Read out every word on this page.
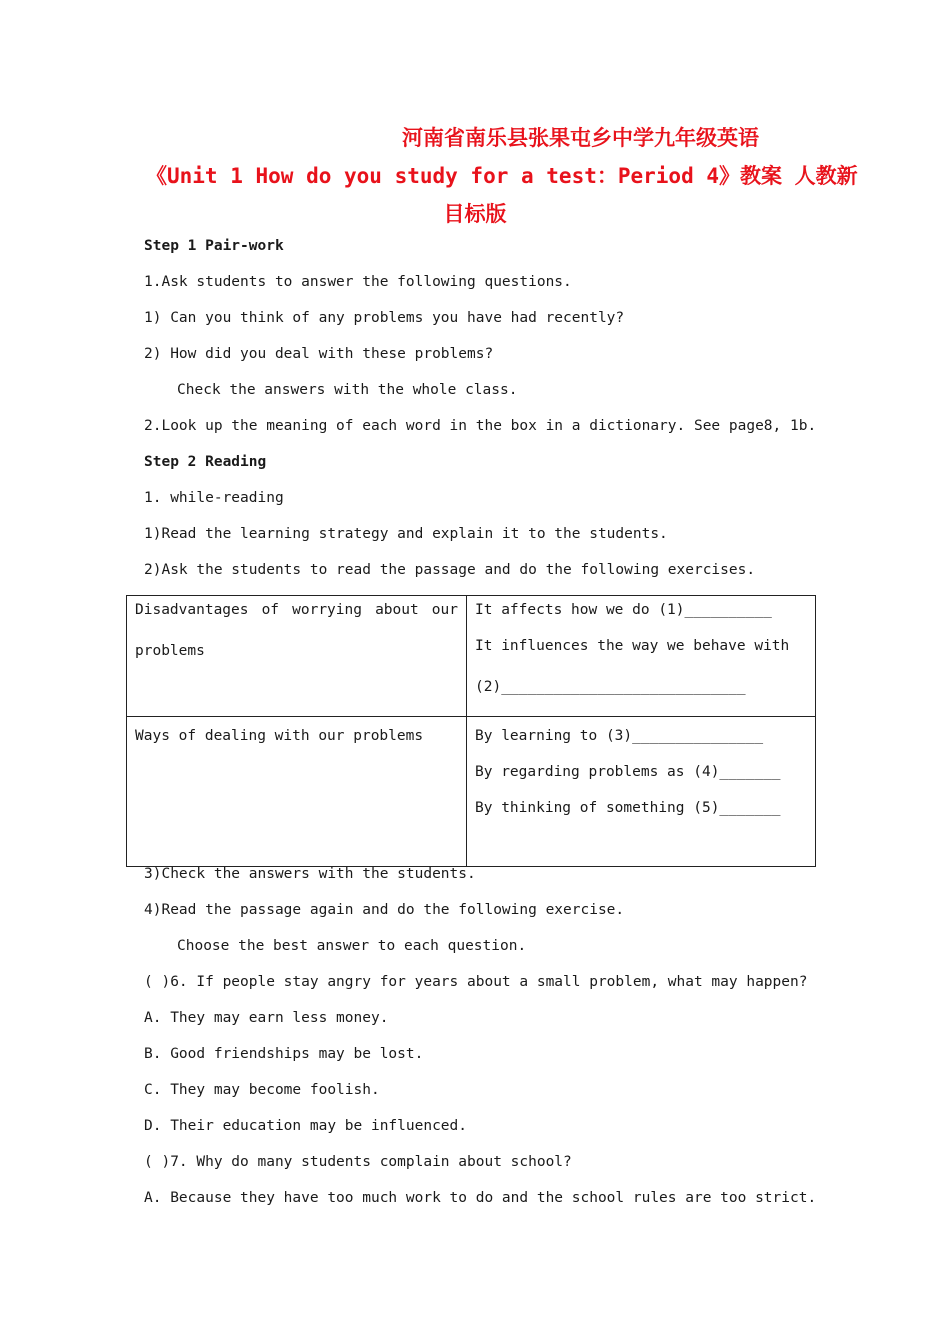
河南省南乐县张果屯乡中学九年级英语
《Unit 1 How do you study for a test：Period 4》教案 人教新
目标版
Step 1 Pair-work
1.Ask students to answer the following questions.
1) Can you think of any problems you have had recently?
2) How did you deal with these problems?
Check the answers with the whole class.
2.Look up the meaning of each word in the box in a dictionary. See page8, 1b.
Step 2 Reading
1. while-reading
1)Read the learning strategy and explain it to the students.
2)Ask the students to read the passage and do the following exercises.

Disadvantages of worrying about our problems	It affects how we do (1)__________

It influences the way we behave with

(2)____________________________

Ways of dealing with our problems	By learning to (3)_______________

By regarding problems as (4)_______

By thinking of something (5)_______

3)Check the answers with the students.
4)Read the passage again and do the following exercise.
Choose the best answer to each question.
( )6. If people stay angry for years about a small problem, what may happen?
A. They may earn less money.
B. Good friendships may be lost.
C. They may become foolish.
D. Their education may be influenced.
( )7. Why do many students complain about school?
A. Because they have too much work to do and the school rules are too strict.
